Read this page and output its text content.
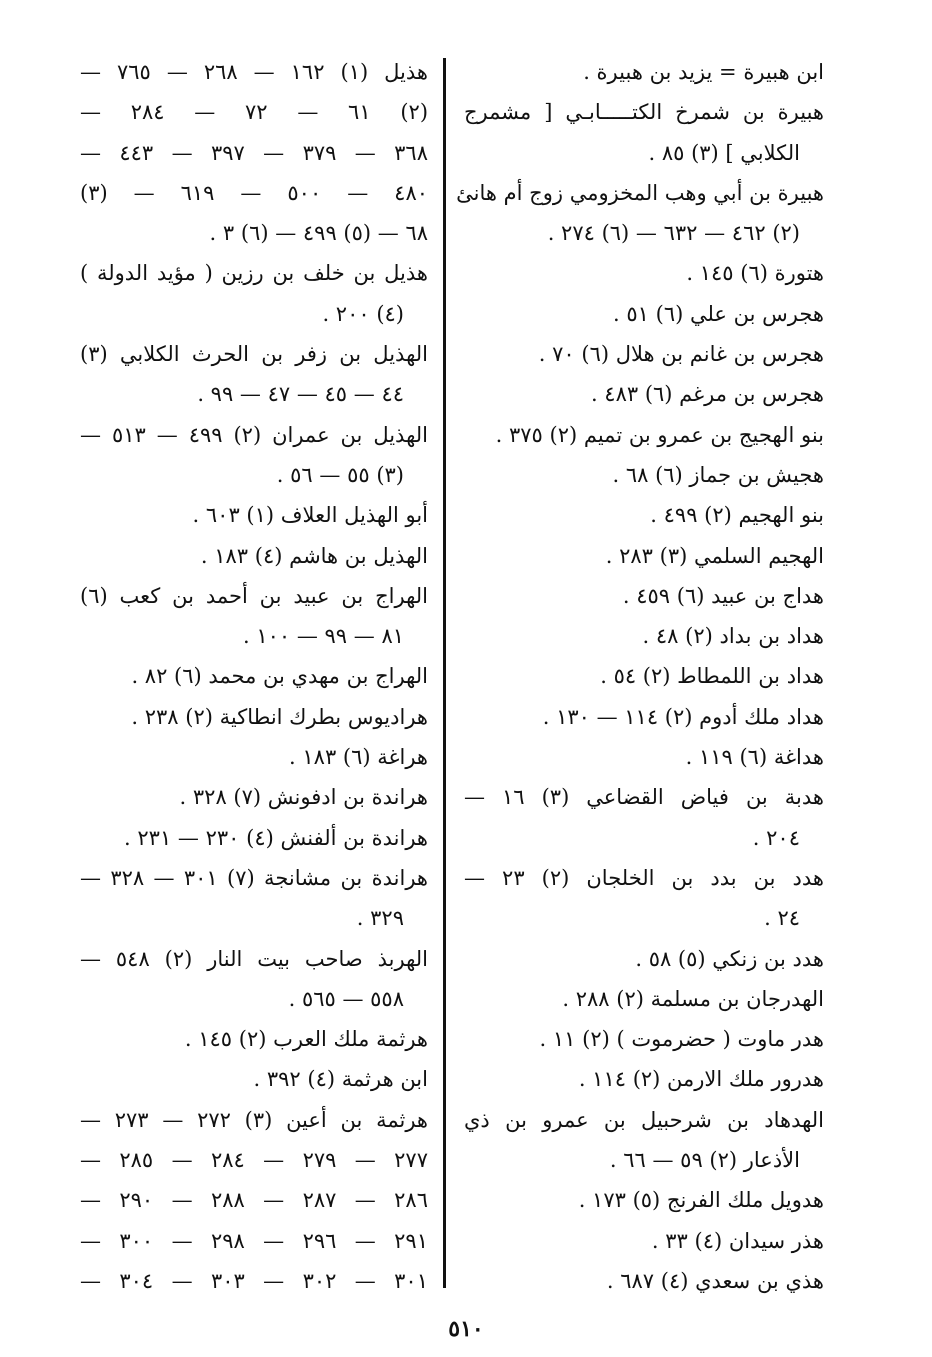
ابن هبيرة = يزيد بن هبيرة .
هبيرة بن شمرخ الكتـــــابـي [ مشمرج
الكلابي ] (٣) ٨٥ .
هبيرة بن أبي وهب المخزومي زوج أم هانئ
(٢) ٤٦٢ — ٦٣٢ — (٦) ٢٧٤ .
هتورة (٦) ١٤٥ .
هجرس بن علي (٦) ٥١ .
هجرس بن غانم بن هلال (٦) ٧٠ .
هجرس بن مرغم (٦) ٤٨٣ .
بنو الهجيج بن عمرو بن تميم (٢) ٣٧٥ .
هجيش بن جماز (٦) ٦٨ .
بنو الهجيم (٢) ٤٩٩ .
الهجيم السلمي (٣) ٢٨٣ .
هداج بن عبيد (٦) ٤٥٩ .
هداد بن بداد (٢) ٤٨ .
هداد بن اللمطاط (٢) ٥٤ .
هداد ملك أدوم (٢) ١١٤ — ١٣٠ .
هداغة (٦) ١١٩ .
هدبة بن فياض القضاعي (٣) ١٦ —
٢٠٤ .
هدد بن بدد بن الخلجان (٢) ٢٣ —
٢٤ .
هدد بن زنكي (٥) ٥٨ .
الهدرجان بن مسلمة (٢) ٢٨٨ .
هدر ماوت ( حضرموت ) (٢) ١١ .
هدرور ملك الارمن (٢) ١١٤ .
الهدهاد بن شرحبيل بن عمرو بن ذي
الأذعار (٢) ٥٩ — ٦٦ .
هدويل ملك الفرنج (٥) ١٧٣ .
هذر سيدان (٤) ٣٣ .
هذي بن سعدي (٤) ٦٨٧ .
هذيل (١) ١٦٢ — ٢٦٨ — ٧٦٥ —
(٢) ٦١ — ٧٢ — ٢٨٤ —
٣٦٨ — ٣٧٩ — ٣٩٧ — ٤٤٣ —
٤٨٠ — ٥٠٠ — ٦١٩ — (٣)
٦٨ — (٥) ٤٩٩ — (٦) ٣ .
هذيل بن خلف بن رزين ( مؤيد الدولة )
(٤) ٢٠٠ .
الهذيل بن زفر بن الحرث الكلابي (٣)
٤٤ — ٤٥ — ٤٧ — ٩٩ .
الهذيل بن عمران (٢) ٤٩٩ — ٥١٣ —
(٣) ٥٥ — ٥٦ .
أبو الهذيل العلاف (١) ٦٠٣ .
الهذيل بن هاشم (٤) ١٨٣ .
الهراج بن عبيد بن أحمد بن كعب (٦)
٨١ — ٩٩ — ١٠٠ .
الهراج بن مهدي بن محمد (٦) ٨٢ .
هراديوس بطرك انطاكية (٢) ٢٣٨ .
هراغة (٦) ١٨٣ .
هراندة بن ادفونش (٧) ٣٢٨ .
هراندة بن ألفنش (٤) ٢٣٠ — ٢٣١ .
هراندة بن مشانجة (٧) ٣٠١ — ٣٢٨ —
٣٢٩ .
الهربذ صاحب بيت النار (٢) ٥٤٨ —
٥٥٨ — ٥٦٥ .
هرثمة ملك العرب (٢) ١٤٥ .
ابن هرثمة (٤) ٣٩٢ .
هرثمة بن أعين (٣) ٢٧٢ — ٢٧٣ —
٢٧٧ — ٢٧٩ — ٢٨٤ — ٢٨٥ —
٢٨٦ — ٢٨٧ — ٢٨٨ — ٢٩٠ —
٢٩١ — ٢٩٦ — ٢٩٨ — ٣٠٠ —
٣٠١ — ٣٠٢ — ٣٠٣ — ٣٠٤ —
٥١٠
